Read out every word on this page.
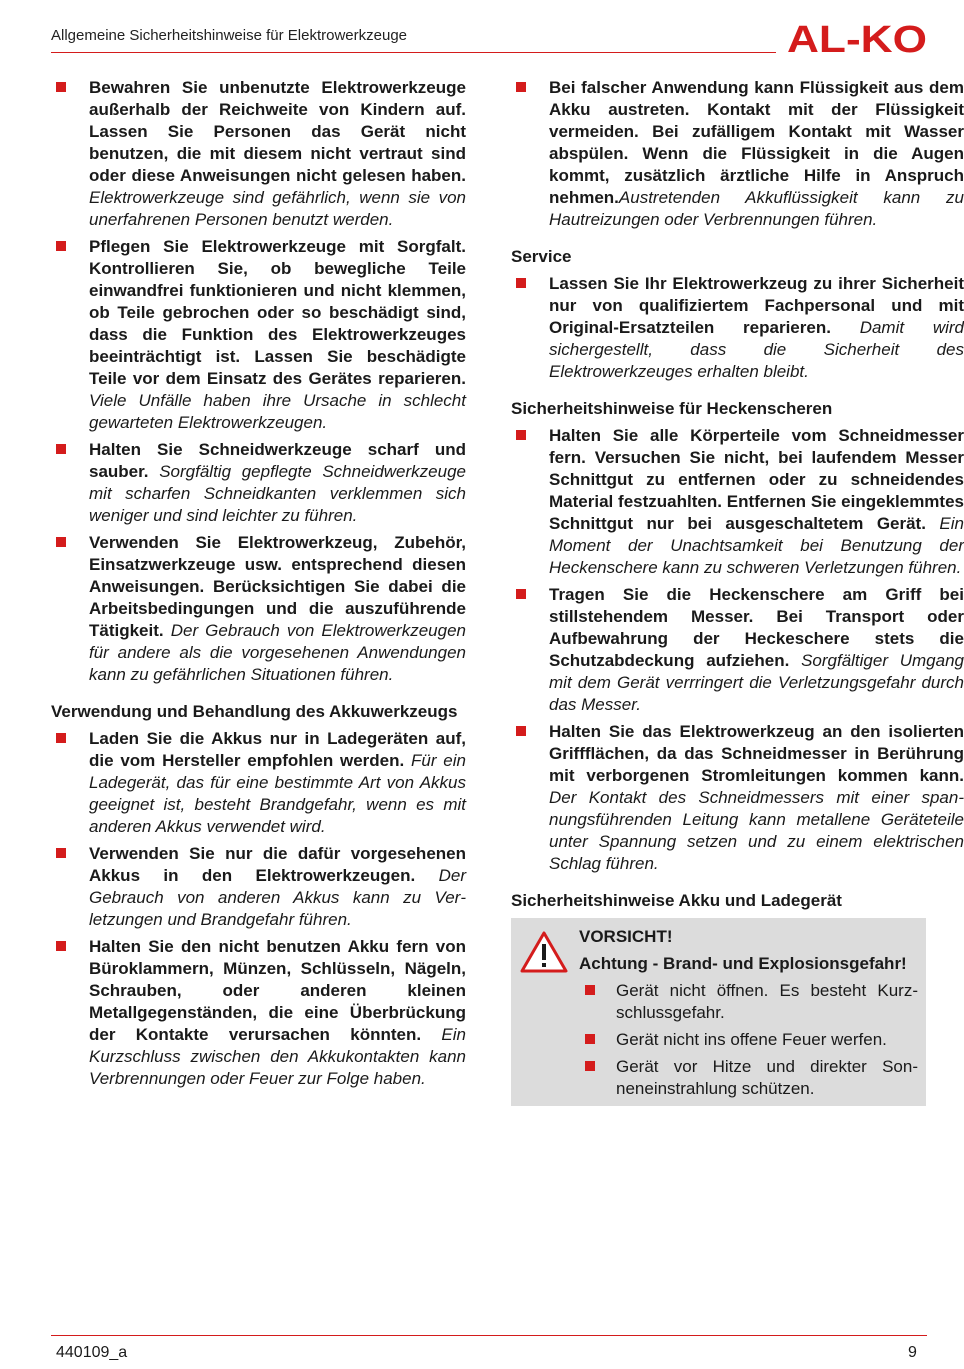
Allgemeine Sicherheitshinweise für Elektrowerkzeuge	AL-KO
Bewahren Sie unbenutzte Elektrowerkzeuge außerhalb der Reichweite von Kindern auf. Lassen Sie Personen das Gerät nicht benutzen, die mit diesem nicht vertraut sind oder diese Anweisungen nicht gelesen haben. Elektrowerkzeuge sind gefährlich, wenn sie von unerfahrenen Personen benutzt werden.
Pflegen Sie Elektrowerkzeuge mit Sorgfalt. Kontrollieren Sie, ob bewegliche Teile einwandfrei funktionieren und nicht klemmen, ob Teile gebrochen oder so beschädigt sind, dass die Funktion des Elektrowerkzeuges beeinträchtigt ist. Lassen Sie beschädigte Teile vor dem Einsatz des Gerätes reparieren. Viele Unfälle haben ihre Ursache in schlecht gewarteten Elektrowerkzeugen.
Halten Sie Schneidwerkzeuge scharf und sauber. Sorgfältig gepflegte Schneidwerkzeuge mit scharfen Schneidkanten verklemmen sich weniger und sind leichter zu führen.
Verwenden Sie Elektrowerkzeug, Zubehör, Einsatzwerkzeuge usw. entsprechend diesen Anweisungen. Berücksichtigen Sie dabei die Arbeitsbedingungen und die auszuführende Tätigkeit. Der Gebrauch von Elektrowerkzeugen für andere als die vorgesehenen Anwendungen kann zu gefährlichen Situationen führen.
Verwendung und Behandlung des Akkuwerkzeugs
Laden Sie die Akkus nur in Ladegeräten auf, die vom Hersteller empfohlen werden. Für ein Ladegerät, das für eine bestimmte Art von Akkus geeignet ist, besteht Brandgefahr, wenn es mit anderen Akkus verwendet wird.
Verwenden Sie nur die dafür vorgesehenen Akkus in den Elektrowerkzeugen. Der Gebrauch von anderen Akkus kann zu Verletzungen und Brandgefahr führen.
Halten Sie den nicht benutzen Akku fern von Büroklammern, Münzen, Schlüsseln, Nägeln, Schrauben, oder anderen kleinen Metallgegenständen, die eine Überbrückung der Kontakte verursachen könnten. Ein Kurzschluss zwischen den Akkukontakten kann Verbrennungen oder Feuer zur Folge haben.
Bei falscher Anwendung kann Flüssigkeit aus dem Akku austreten. Kontakt mit der Flüssigkeit vermeiden. Bei zufälligem Kontakt mit Wasser abspülen. Wenn die Flüssigkeit in die Augen kommt, zusätzlich ärztliche Hilfe in Anspruch nehmen.Austretenden Akkuflüssigkeit kann zu Hautreizungen oder Verbrennungen führen.
Service
Lassen Sie Ihr Elektrowerkzeug zu ihrer Sicherheit nur von qualifiziertem Fachpersonal und mit Original-Ersatzteilen reparieren. Damit wird sichergestellt, dass die Sicherheit des Elektrowerkzeuges erhalten bleibt.
Sicherheitshinweise für Heckenscheren
Halten Sie alle Körperteile vom Schneidmesser fern. Versuchen Sie nicht, bei laufendem Messer Schnittgut zu entfernen oder zu schneidendes Material festzuahlten. Entfernen Sie eingeklemmtes Schnittgut nur bei ausgeschaltetem Gerät. Ein Moment der Unachtsamkeit bei Benutzung der Heckenschere kann zu schweren Verletzungen führen.
Tragen Sie die Heckenschere am Griff bei stillstehendem Messer. Bei Transport oder Aufbewahrung der Heckeschere stets die Schutzabdeckung aufziehen. Sorgfältiger Umgang mit dem Gerät verrringert die Verletzungsgefahr durch das Messer.
Halten Sie das Elektrowerkzeug an den isolierten Griffflächen, da das Schneidmesser in Berührung mit verborgenen Stromleitungen kommen kann. Der Kontakt des Schneidmessers mit einer spannungsführenden Leitung kann metallene Geräteteile unter Spannung setzen und zu einem elektrischen Schlag führen.
Sicherheitshinweise Akku und Ladegerät
VORSICHT!
Achtung - Brand- und Explosionsgefahr!
Gerät nicht öffnen. Es besteht Kurzschlussgefahr.
Gerät nicht ins offene Feuer werfen.
Gerät vor Hitze und direkter Sonneneinstrahlung schützen.
440109_a	9
